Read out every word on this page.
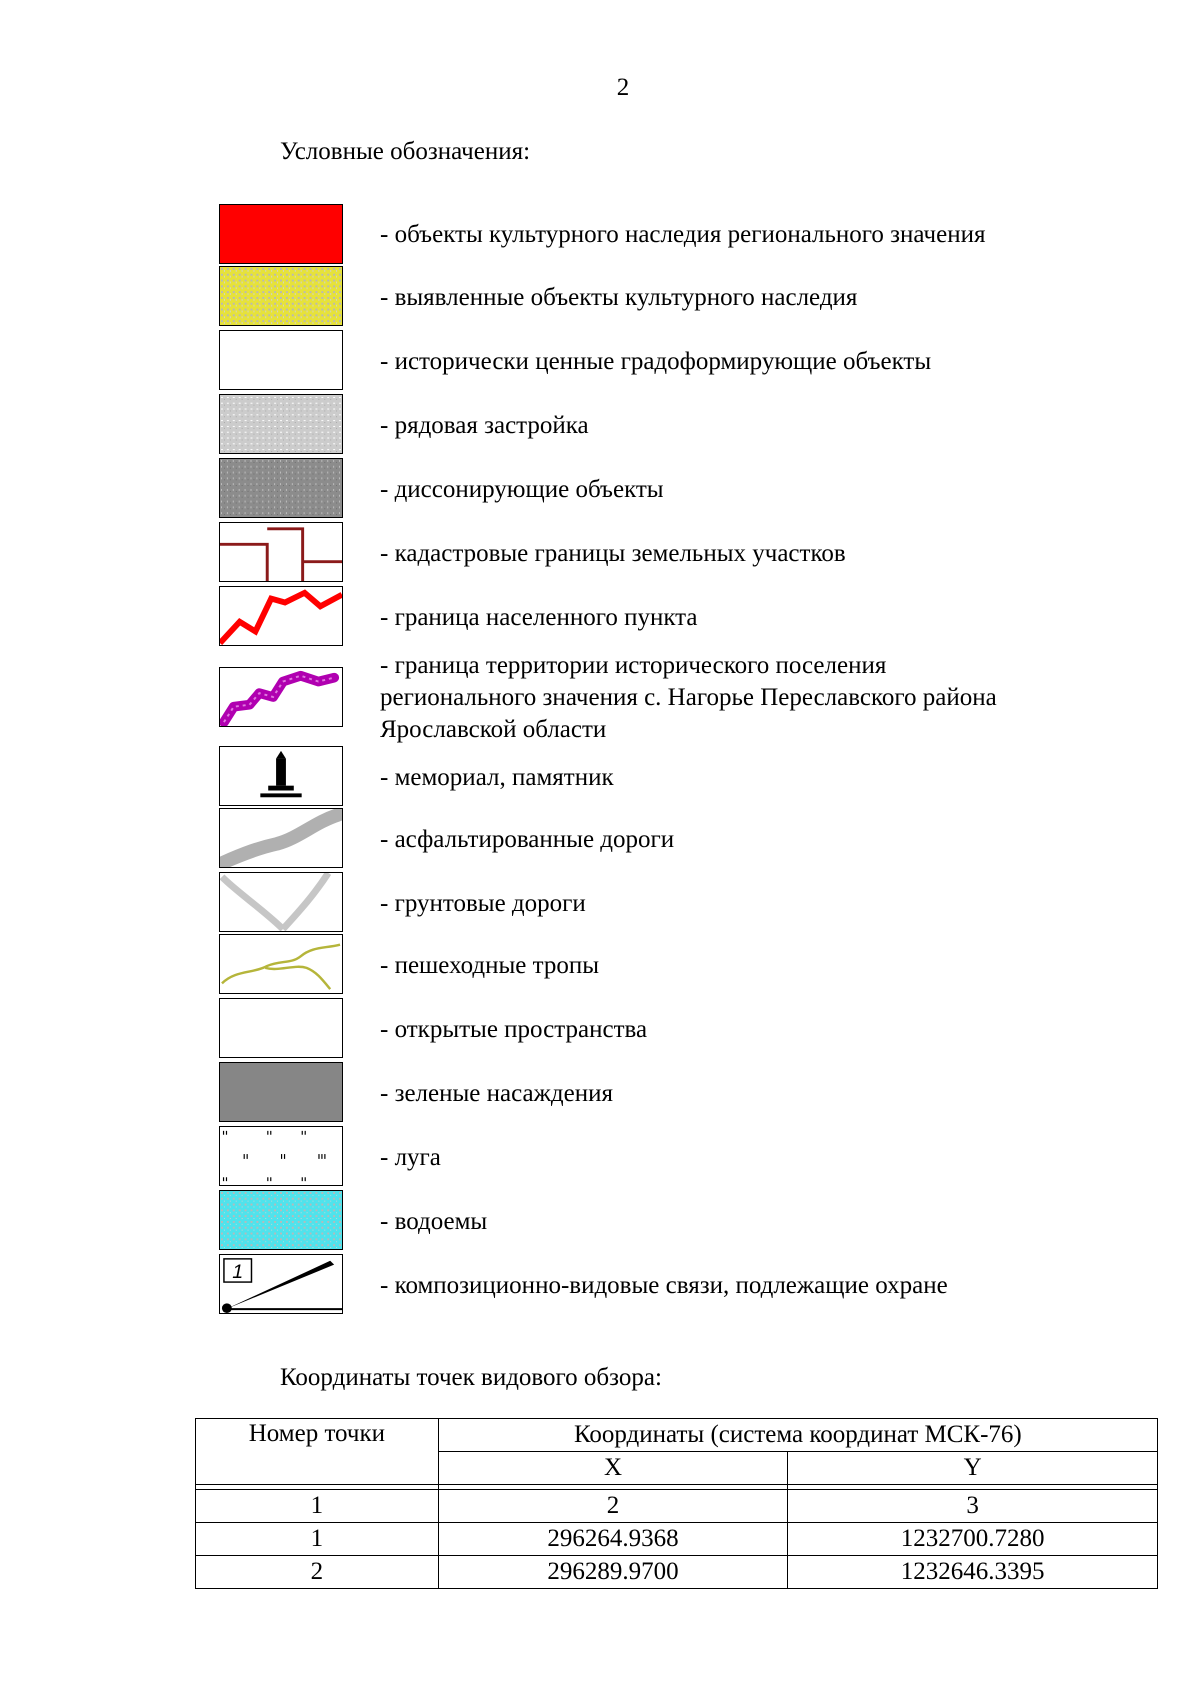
2
Условные обозначения:
- объекты культурного наследия регионального значения
- выявленные объекты культурного наследия
- исторически ценные градоформирующие объекты
- рядовая застройка
- диссонирующие объекты
- кадастровые границы земельных участков
- граница населенного пункта
- граница территории исторического поселения
регионального значения с. Нагорье Переславского района
Ярославской области
- мемориал, памятник
- асфальтированные дороги
- грунтовые дороги
- пешеходные тропы
- открытые пространства
- зеленые насаждения
- луга
- водоемы
1	- композиционно-видовые связи, подлежащие охране
Координаты точек видового обзора:
Номер точки	Координаты (система координат МСК-76)	
	X	Y

1	2	3
1	296264.9368	1232700.7280
2	296289.9700	1232646.3395
